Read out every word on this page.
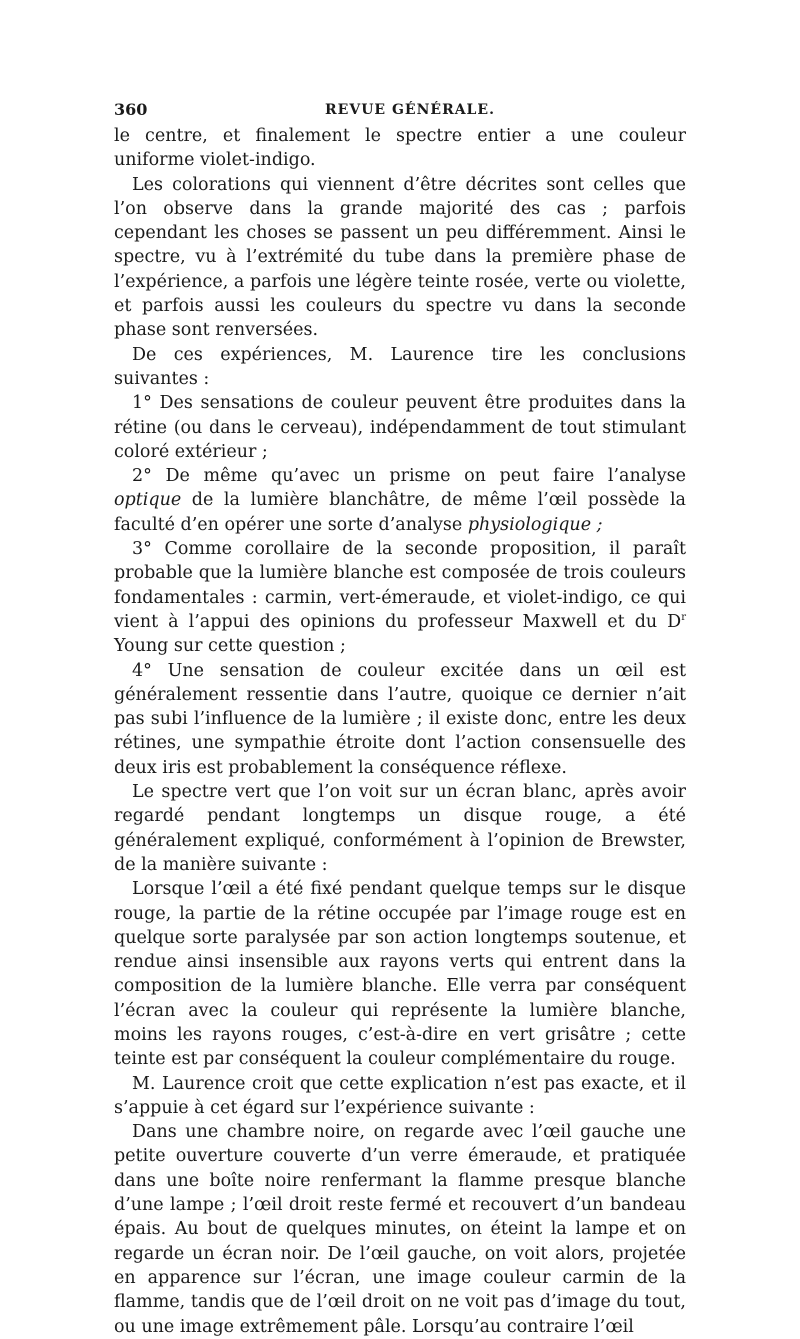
360	REVUE GÉNÉRALE.

le centre, et finalement le spectre entier a une couleur uniforme violet-indigo.

Les colorations qui viennent d’être décrites sont celles que l’on observe dans la grande majorité des cas ; parfois cependant les choses se passent un peu différemment. Ainsi le spectre, vu à l’extrémité du tube dans la première phase de l’expérience, a parfois une légère teinte rosée, verte ou violette, et parfois aussi les couleurs du spectre vu dans la seconde phase sont renversées.

De ces expériences, M. Laurence tire les conclusions suivantes :

1° Des sensations de couleur peuvent être produites dans la rétine (ou dans le cerveau), indépendamment de tout stimulant coloré extérieur ;

2° De même qu’avec un prisme on peut faire l’analyse optique de la lumière blanchâtre, de même l’œil possède la faculté d’en opérer une sorte d’analyse physiologique ;

3° Comme corollaire de la seconde proposition, il paraît probable que la lumière blanche est composée de trois couleurs fondamentales : carmin, vert-émeraude, et violet-indigo, ce qui vient à l’appui des opinions du professeur Maxwell et du $D^r$ Young sur cette question ;

4° Une sensation de couleur excitée dans un œil est généralement ressentie dans l’autre, quoique ce dernier n’ait pas subi l’influence de la lumière ; il existe donc, entre les deux rétines, une sympathie étroite dont l’action consensuelle des deux iris est probablement la conséquence réflexe.

Le spectre vert que l’on voit sur un écran blanc, après avoir regardé pendant longtemps un disque rouge, a été généralement expliqué, conformément à l’opinion de Brewster, de la manière suivante :

Lorsque l’œil a été fixé pendant quelque temps sur le disque rouge, la partie de la rétine occupée par l’image rouge est en quelque sorte paralysée par son action longtemps soutenue, et rendue ainsi insensible aux rayons verts qui entrent dans la composition de la lumière blanche. Elle verra par conséquent l’écran avec la couleur qui représente la lumière blanche, moins les rayons rouges, c’est-à-dire en vert grisâtre ; cette teinte est par conséquent la couleur complémentaire du rouge.

M. Laurence croit que cette explication n’est pas exacte, et il s’appuie à cet égard sur l’expérience suivante :

Dans une chambre noire, on regarde avec l’œil gauche une petite ouverture couverte d’un verre émeraude, et pratiquée dans une boîte noire renfermant la flamme presque blanche d’une lampe ; l’œil droit reste fermé et recouvert d’un bandeau épais. Au bout de quelques minutes, on éteint la lampe et on regarde un écran noir. De l’œil gauche, on voit alors, projetée en apparence sur l’écran, une image couleur carmin de la flamme, tandis que de l’œil droit on ne voit pas d’image du tout, ou une image extrêmement pâle. Lorsqu’au contraire l’œil
